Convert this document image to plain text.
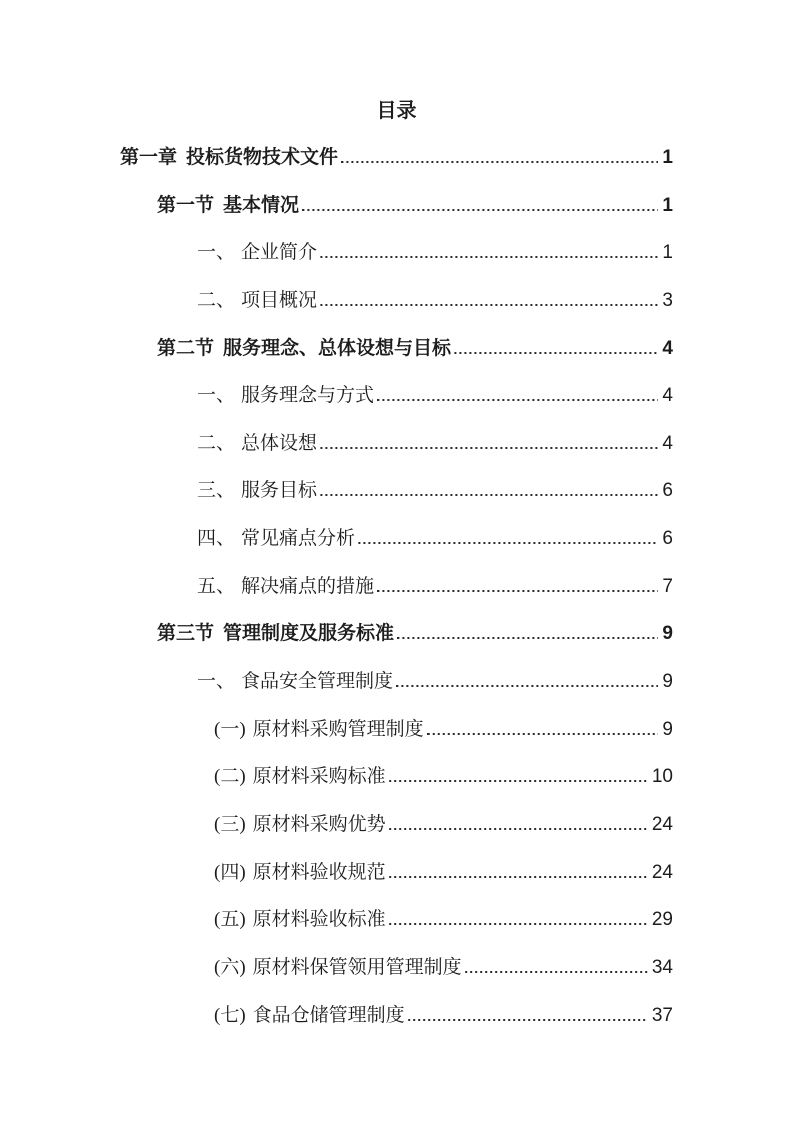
目录
第一章 投标货物技术文件	1
第一节 基本情况	1
一、 企业简介	1
二、 项目概况	3
第二节 服务理念、总体设想与目标	4
一、 服务理念与方式	4
二、 总体设想	4
三、 服务目标	6
四、 常见痛点分析	6
五、 解决痛点的措施	7
第三节 管理制度及服务标准	9
一、 食品安全管理制度	9
(一) 原材料采购管理制度	9
(二) 原材料采购标准	10
(三) 原材料采购优势	24
(四) 原材料验收规范	24
(五) 原材料验收标准	29
(六) 原材料保管领用管理制度	34
(七) 食品仓储管理制度	37
